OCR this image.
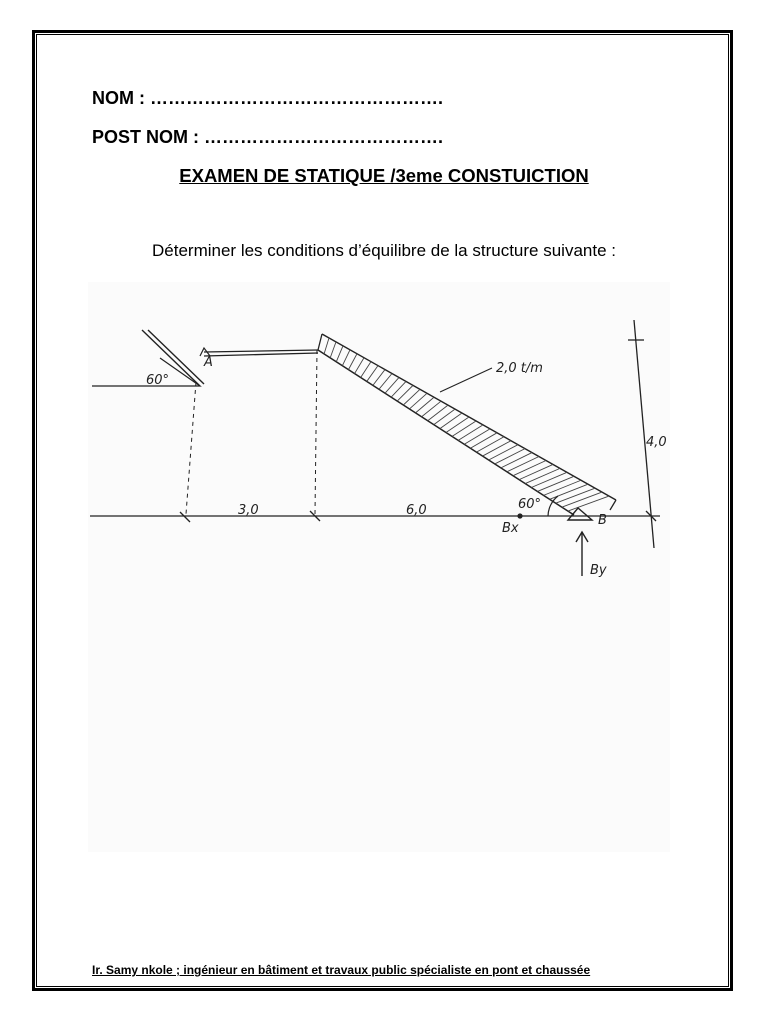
NOM : ………………………………………….
POST NOM : ………………………………….
EXAMEN DE STATIQUE /3eme CONSTUICTION
Déterminer les conditions d’équilibre de la structure suivante :
A
60°
2,0 t/m
3,0	6,0	60°
Bx
B
By
4,0
Ir. Samy nkole ; ingénieur en bâtiment et travaux public spécialiste en pont et chaussée
